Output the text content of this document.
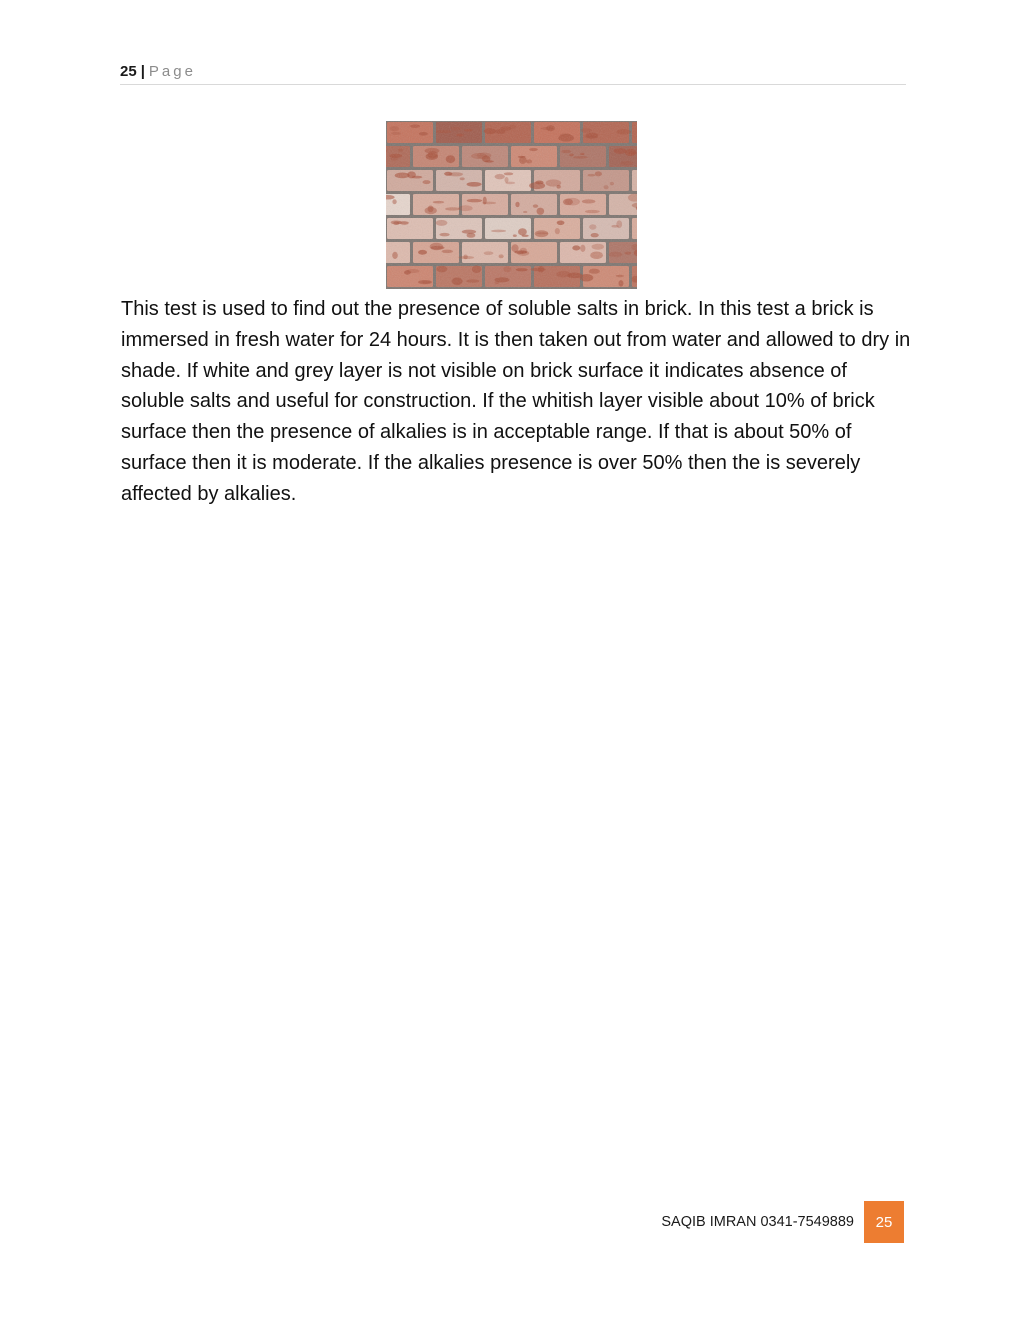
25 | Page
This test is used to find out the presence of soluble salts in brick. In this test a brick is immersed in fresh water for 24 hours. It is then taken out from water and allowed to dry in shade. If white and grey layer is not visible on brick surface it indicates absence of soluble salts and useful for construction. If the whitish layer visible about 10% of brick surface then the presence of alkalies is in acceptable range. If that is about 50% of surface then it is moderate. If the alkalies presence is over 50% then the is severely affected by alkalies.
SAQIB IMRAN 0341-7549889	25
